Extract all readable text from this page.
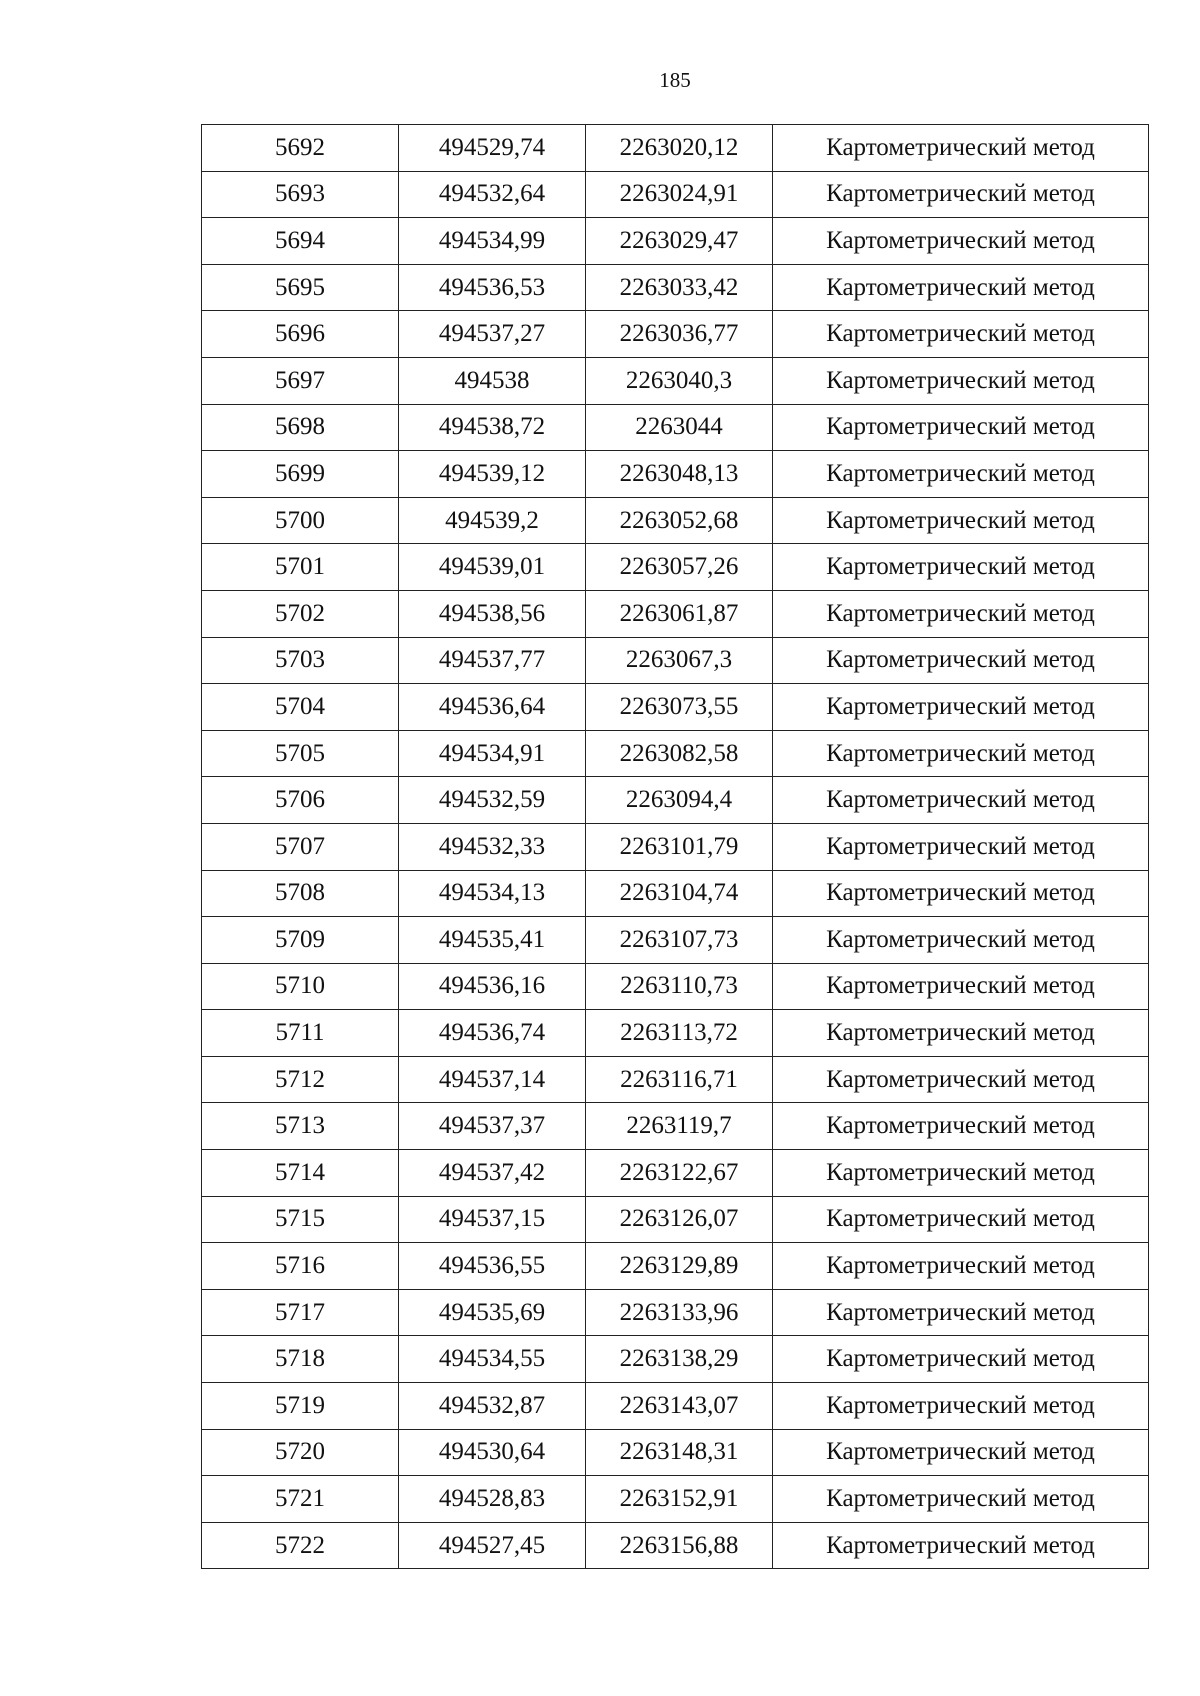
185
5692	494529,74	2263020,12	Картометрический метод
5693	494532,64	2263024,91	Картометрический метод
5694	494534,99	2263029,47	Картометрический метод
5695	494536,53	2263033,42	Картометрический метод
5696	494537,27	2263036,77	Картометрический метод
5697	494538	2263040,3	Картометрический метод
5698	494538,72	2263044	Картометрический метод
5699	494539,12	2263048,13	Картометрический метод
5700	494539,2	2263052,68	Картометрический метод
5701	494539,01	2263057,26	Картометрический метод
5702	494538,56	2263061,87	Картометрический метод
5703	494537,77	2263067,3	Картометрический метод
5704	494536,64	2263073,55	Картометрический метод
5705	494534,91	2263082,58	Картометрический метод
5706	494532,59	2263094,4	Картометрический метод
5707	494532,33	2263101,79	Картометрический метод
5708	494534,13	2263104,74	Картометрический метод
5709	494535,41	2263107,73	Картометрический метод
5710	494536,16	2263110,73	Картометрический метод
5711	494536,74	2263113,72	Картометрический метод
5712	494537,14	2263116,71	Картометрический метод
5713	494537,37	2263119,7	Картометрический метод
5714	494537,42	2263122,67	Картометрический метод
5715	494537,15	2263126,07	Картометрический метод
5716	494536,55	2263129,89	Картометрический метод
5717	494535,69	2263133,96	Картометрический метод
5718	494534,55	2263138,29	Картометрический метод
5719	494532,87	2263143,07	Картометрический метод
5720	494530,64	2263148,31	Картометрический метод
5721	494528,83	2263152,91	Картометрический метод
5722	494527,45	2263156,88	Картометрический метод
